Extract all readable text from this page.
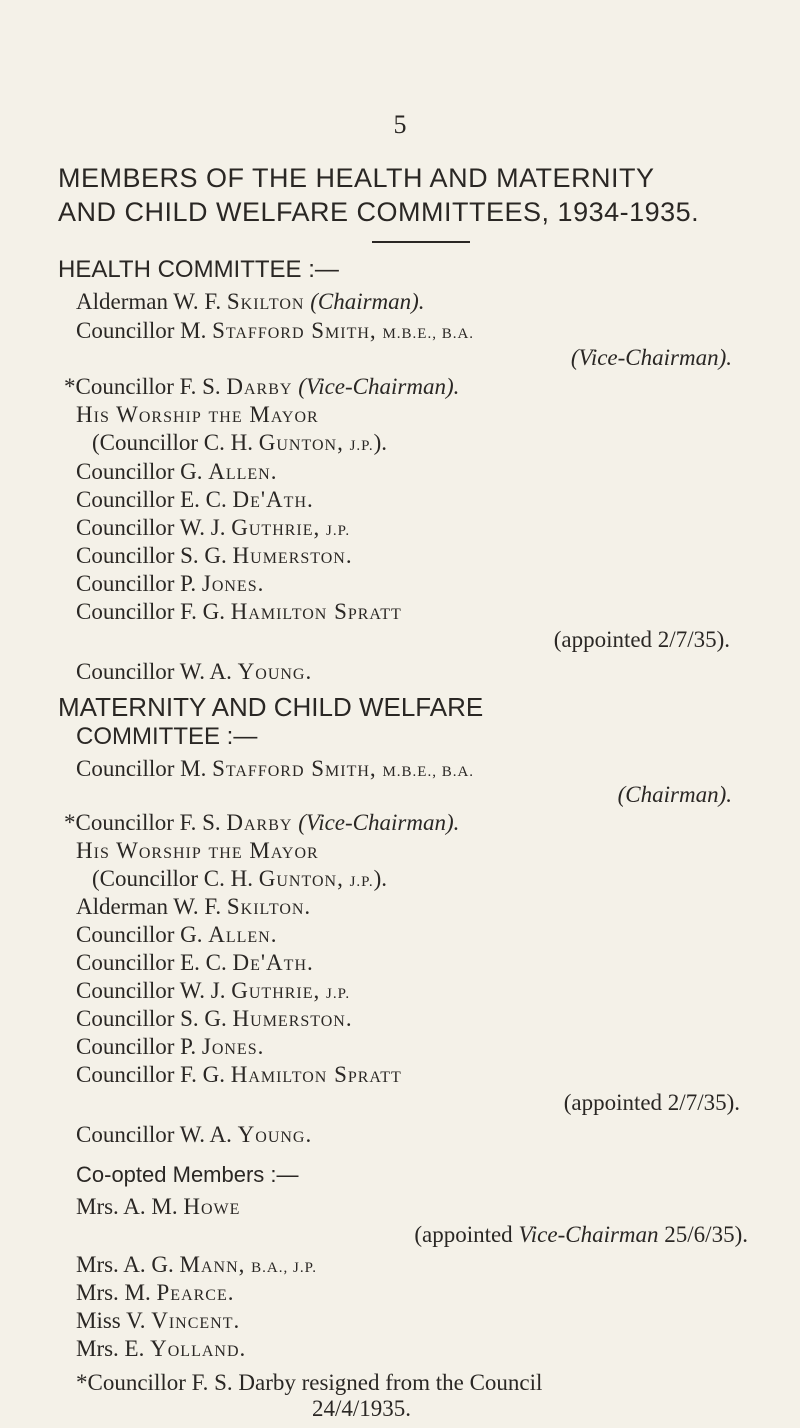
5
MEMBERS OF THE HEALTH AND MATERNITY
AND CHILD WELFARE COMMITTEES, 1934-1935.
HEALTH COMMITTEE :—
Alderman W. F. Skilton (Chairman).
Councillor M. Stafford Smith, M.B.E., B.A.
(Vice-Chairman).
*Councillor F. S. Darby (Vice-Chairman).
His Worship the Mayor
(Councillor C. H. Gunton, J.P.).
Councillor G. Allen.
Councillor E. C. De'Ath.
Councillor W. J. Guthrie, J.P.
Councillor S. G. Humerston.
Councillor P. Jones.
Councillor F. G. Hamilton Spratt
(appointed 2/7/35).
Councillor W. A. Young.
MATERNITY AND CHILD WELFARE
COMMITTEE :—
Councillor M. Stafford Smith, M.B.E., B.A.
(Chairman).
*Councillor F. S. Darby (Vice-Chairman).
His Worship the Mayor
(Councillor C. H. Gunton, J.P.).
Alderman W. F. Skilton.
Councillor G. Allen.
Councillor E. C. De'Ath.
Councillor W. J. Guthrie, J.P.
Councillor S. G. Humerston.
Councillor P. Jones.
Councillor F. G. Hamilton Spratt
(appointed 2/7/35).
Councillor W. A. Young.
Co-opted Members :—
Mrs. A. M. Howe
(appointed Vice-Chairman 25/6/35).
Mrs. A. G. Mann, B.A., J.P.
Mrs. M. Pearce.
Miss V. Vincent.
Mrs. E. Yolland.
*Councillor F. S. Darby resigned from the Council
24/4/1935.
